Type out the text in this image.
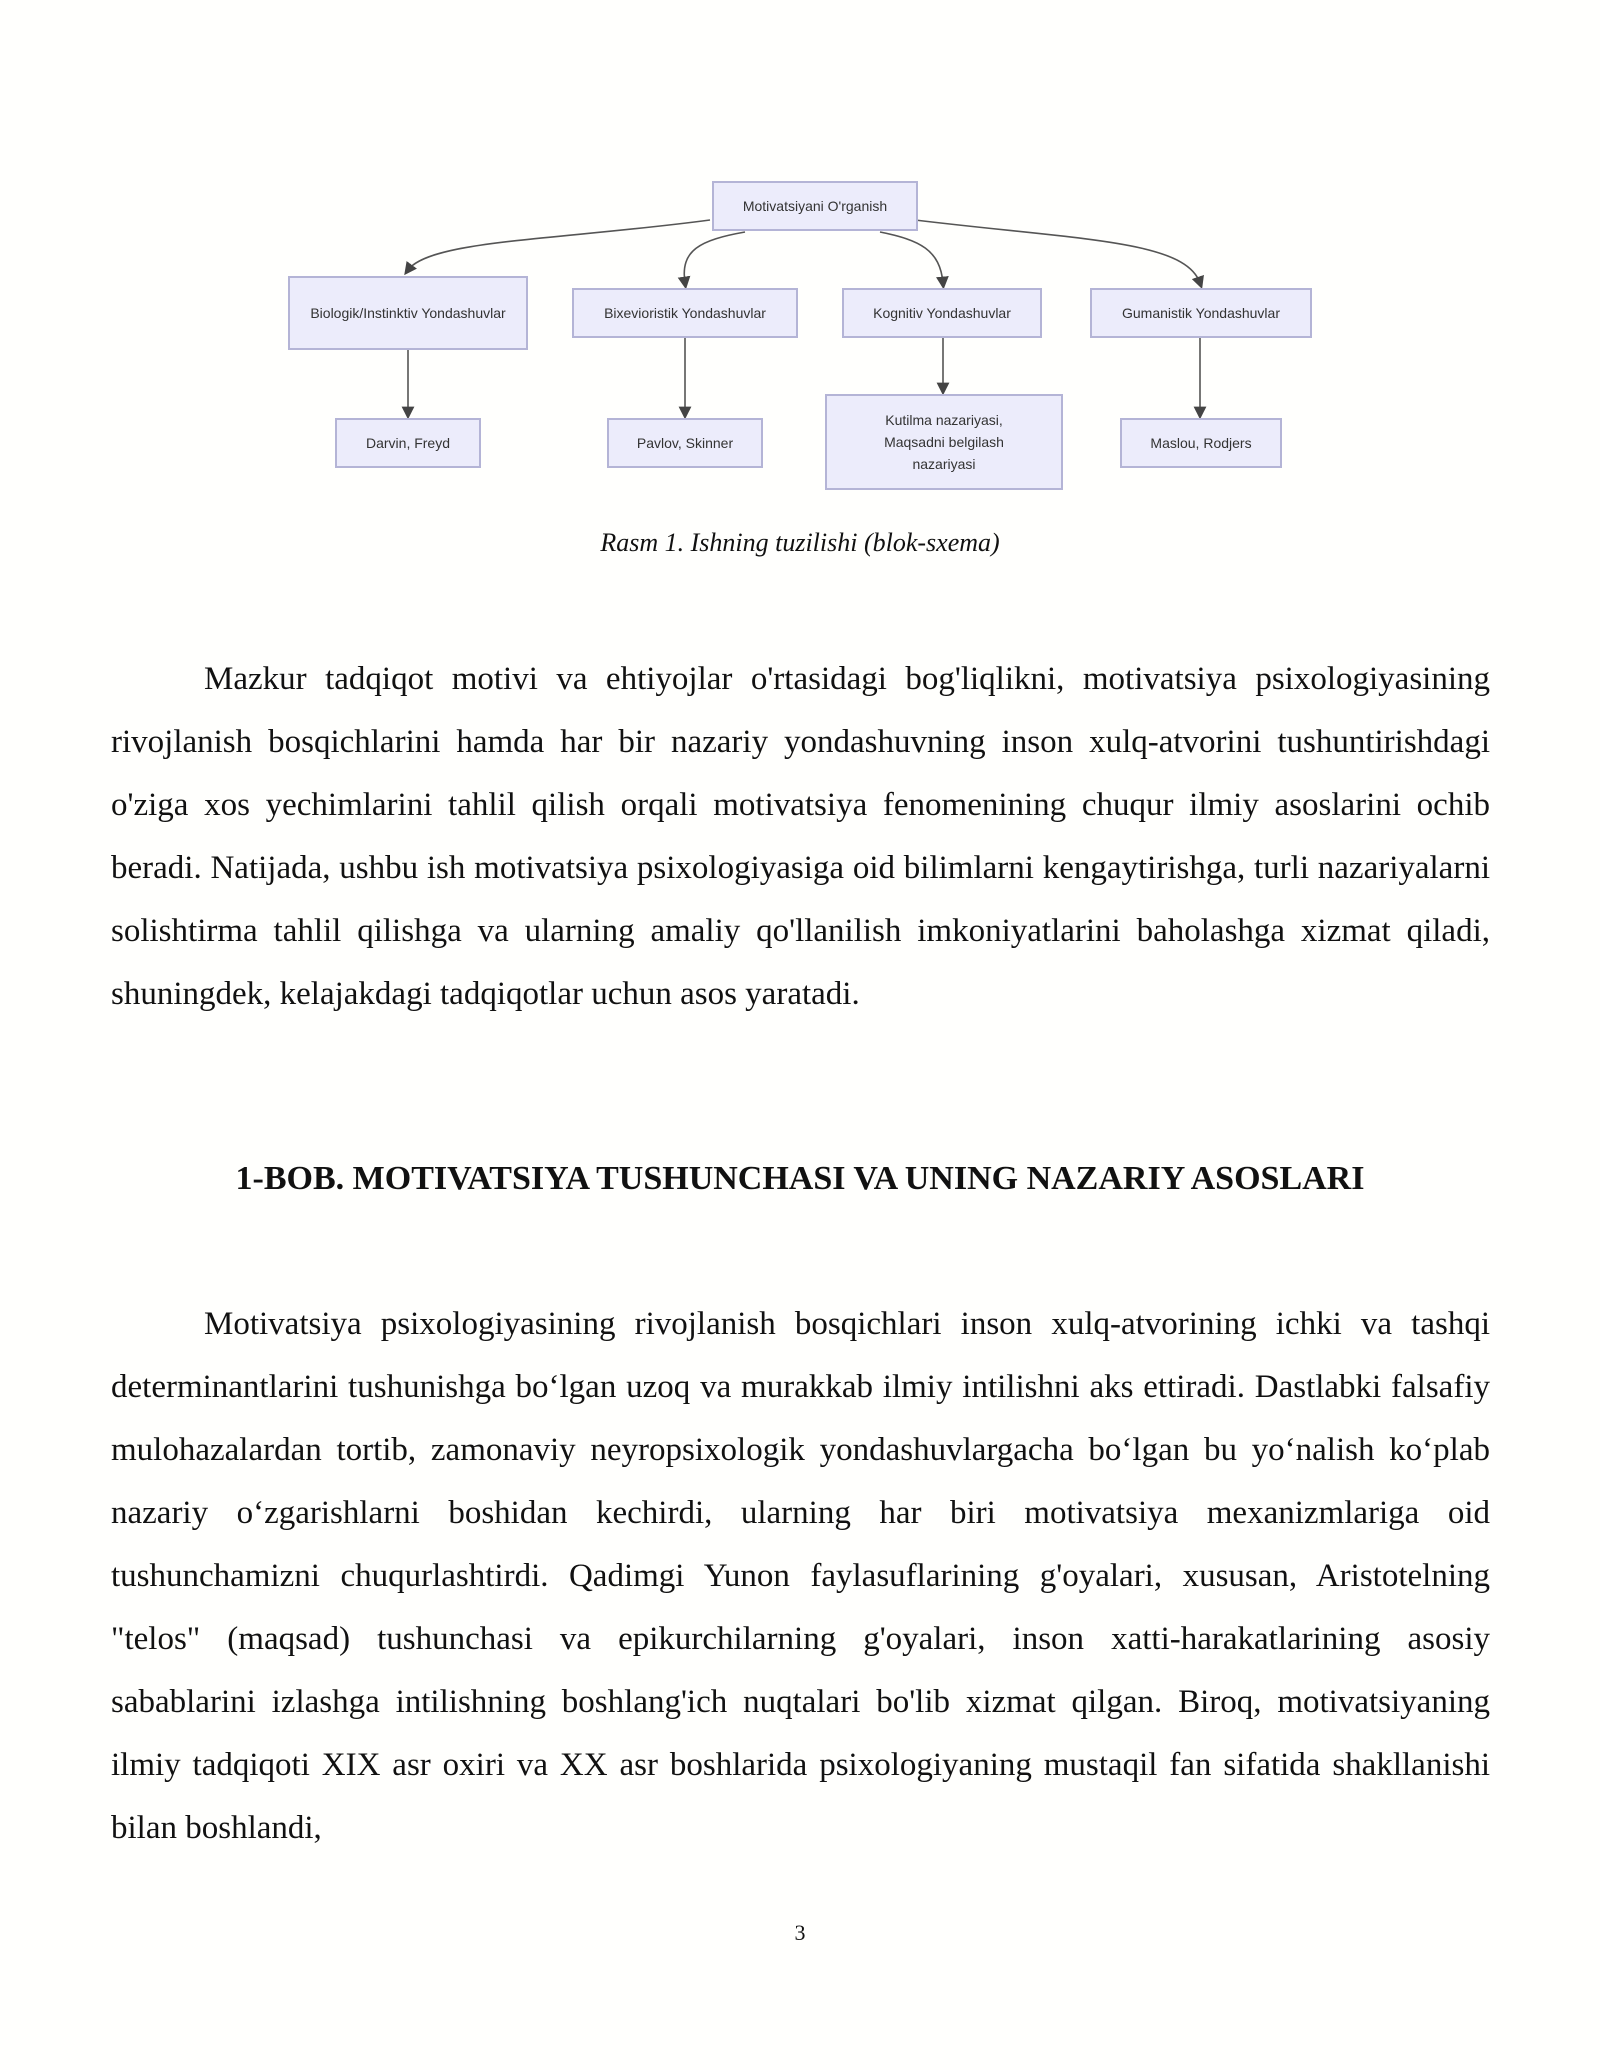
Motivatsiyani O'rganish
Biologik/Instinktiv Yondashuvlar	Bixevioristik Yondashuvlar	Kognitiv Yondashuvlar	Gumanistik Yondashuvlar
Darvin, Freyd	Pavlov, Skinner
Kutilma nazariyasi, Maqsadni belgilash nazariyasi
Maslou, Rodjers
Rasm 1. Ishning tuzilishi (blok-sxema)

Mazkur tadqiqot motivi va ehtiyojlar o'rtasidagi bog'liqlikni, motivatsiya psixologiyasining rivojlanish bosqichlarini hamda har bir nazariy yondashuvning inson xulq-atvorini tushuntirishdagi o'ziga xos yechimlarini tahlil qilish orqali motivatsiya fenomenining chuqur ilmiy asoslarini ochib beradi. Natijada, ushbu ish motivatsiya psixologiyasiga oid bilimlarni kengaytirishga, turli nazariyalarni solishtirma tahlil qilishga va ularning amaliy qo'llanilish imkoniyatlarini baholashga xizmat qiladi, shuningdek, kelajakdagi tadqiqotlar uchun asos yaratadi.

1-BOB. MOTIVATSIYA TUSHUNCHASI VA UNING NAZARIY ASOSLARI

Motivatsiya psixologiyasining rivojlanish bosqichlari inson xulq-atvorining ichki va tashqi determinantlarini tushunishga bo‘lgan uzoq va murakkab ilmiy intilishni aks ettiradi. Dastlabki falsafiy mulohazalardan tortib, zamonaviy neyropsixologik yondashuvlargacha bo‘lgan bu yo‘nalish ko‘plab nazariy o‘zgarishlarni boshidan kechirdi, ularning har biri motivatsiya mexanizmlariga oid tushunchamizni chuqurlashtirdi. Qadimgi Yunon faylasuflarining g'oyalari, xususan, Aristotelning "telos" (maqsad) tushunchasi va epikurchilarning g'oyalari, inson xatti-harakatlarining asosiy sabablarini izlashga intilishning boshlang'ich nuqtalari bo'lib xizmat qilgan. Biroq, motivatsiyaning ilmiy tadqiqoti XIX asr oxiri va XX asr boshlarida psixologiyaning mustaqil fan sifatida shakllanishi bilan boshlandi,

3
